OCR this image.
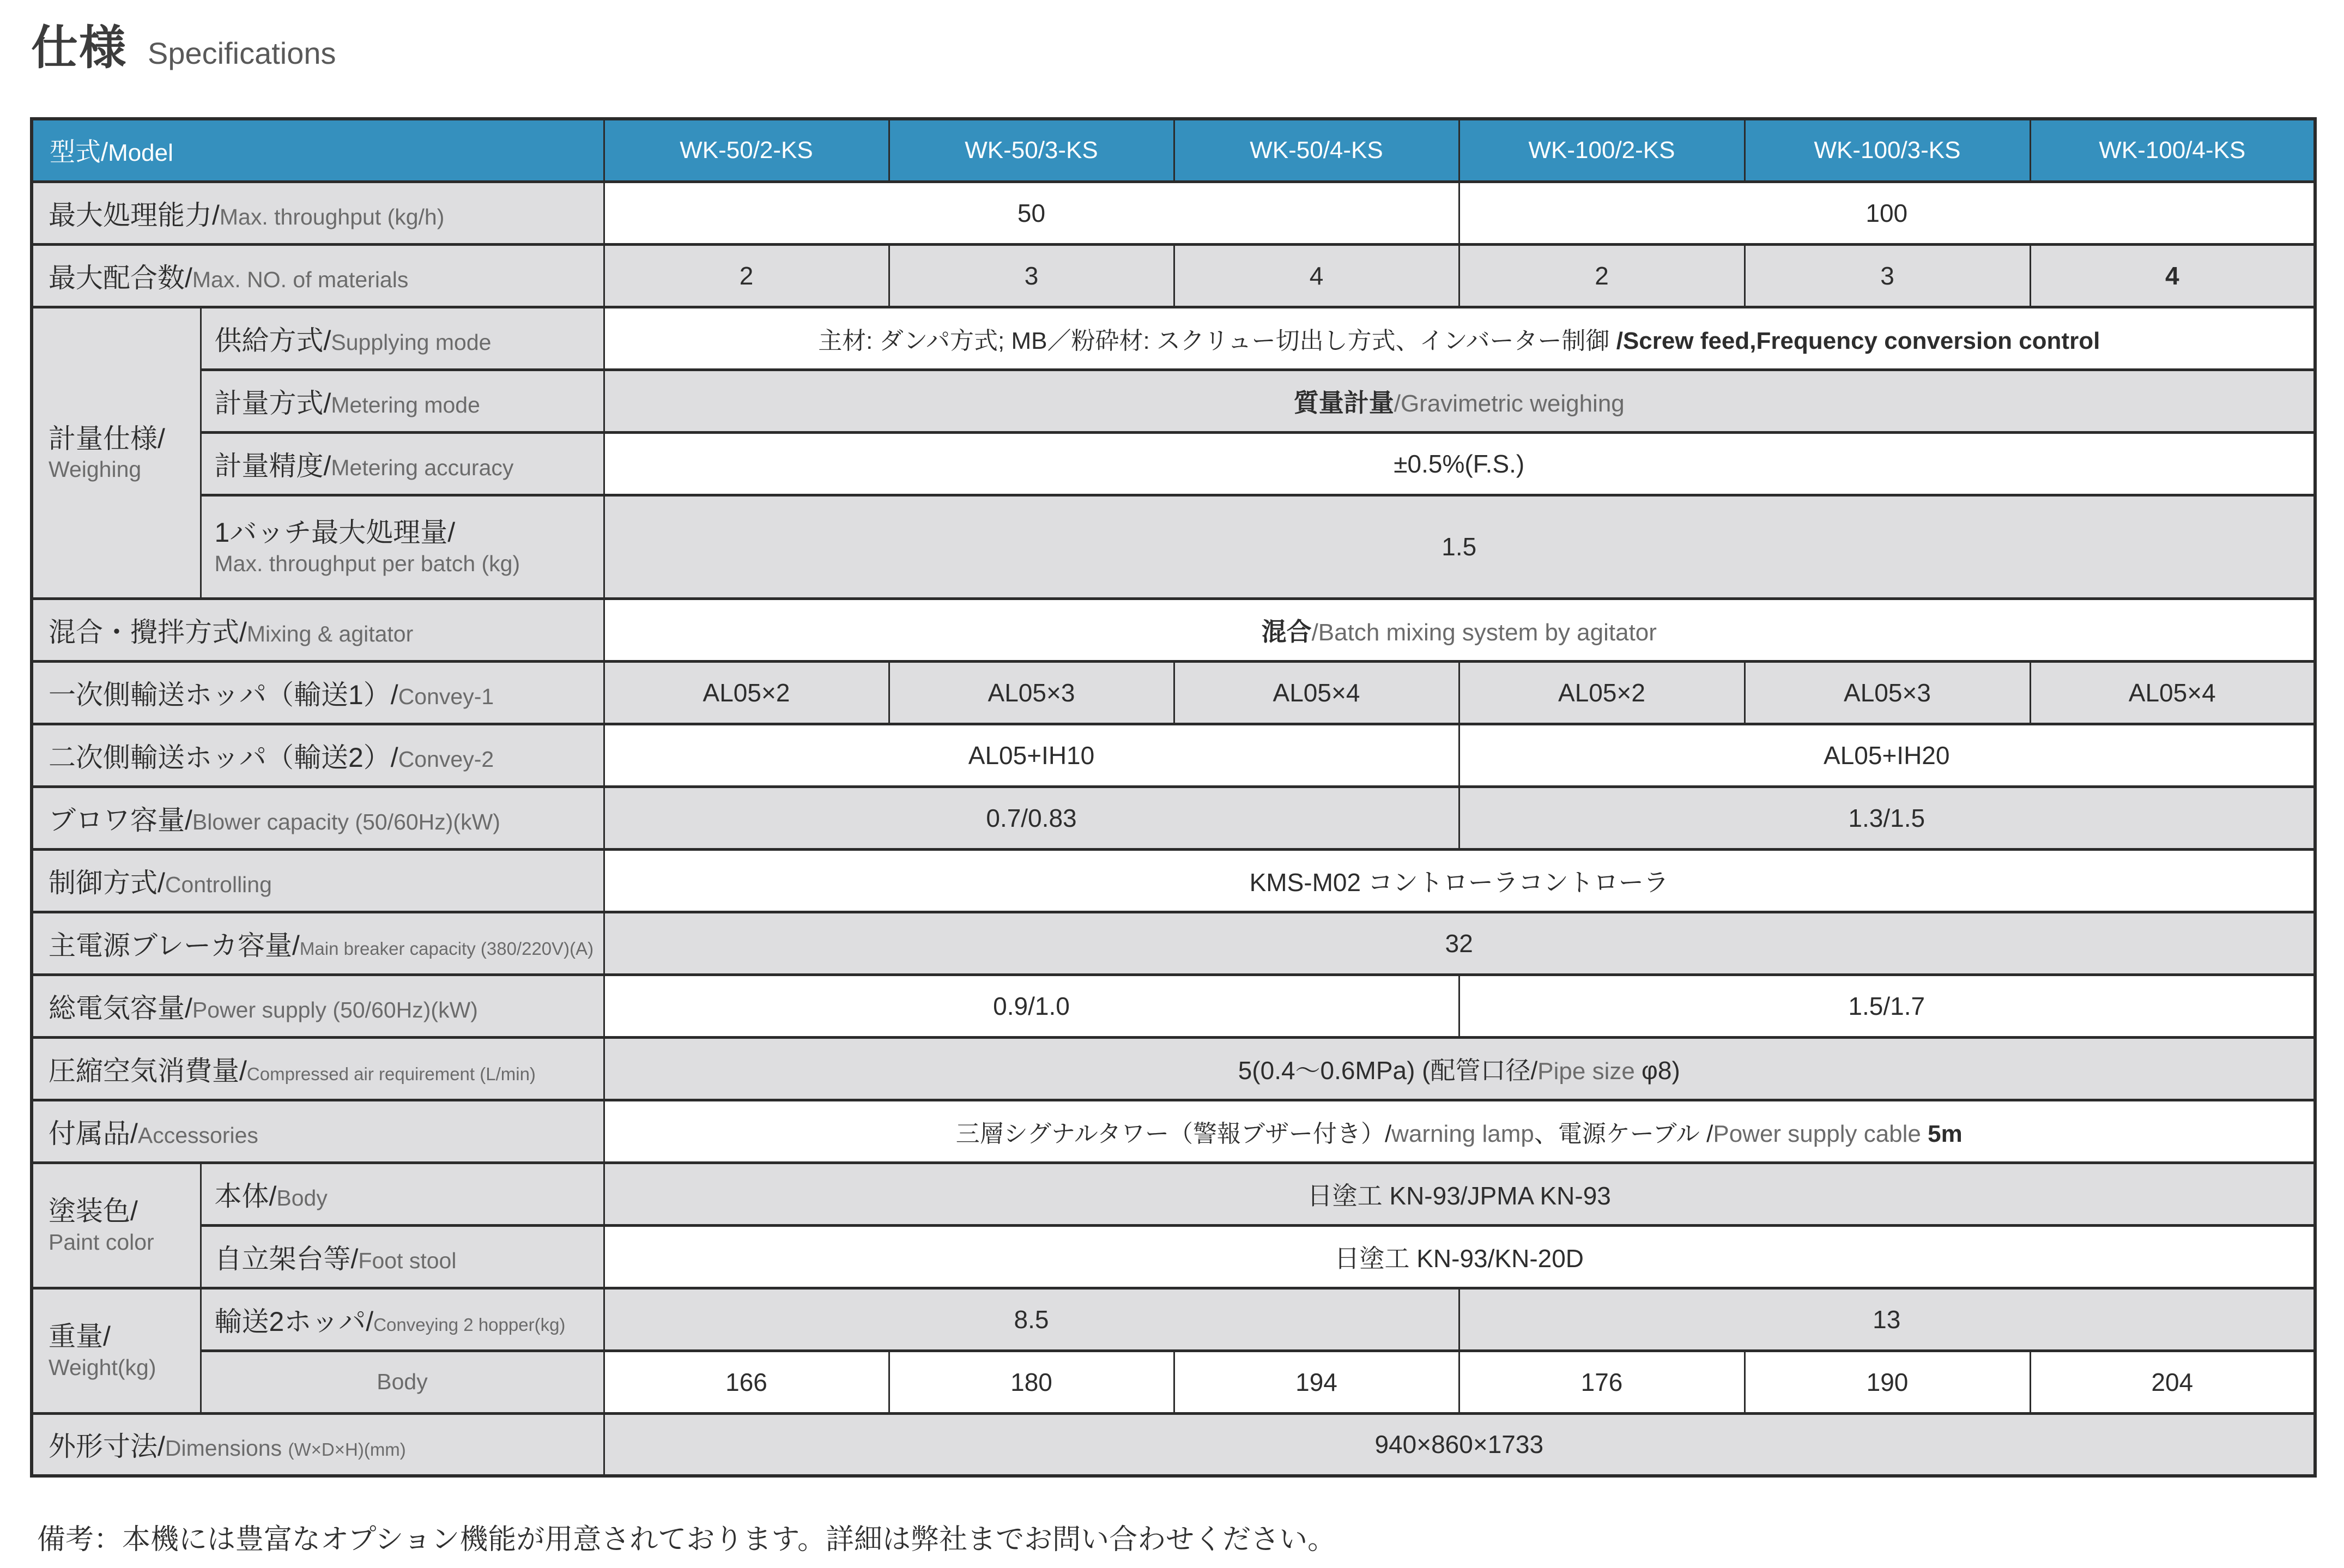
仕様 Specifications
型式/Model		WK-50/2-KS	WK-50/3-KS	WK-50/4-KS	WK-100/2-KS	WK-100/3-KS	WK-100/4-KS
最大処理能力/Max. throughput (kg/h)		50			100		
最大配合数/Max. NO. of materials		2	3	4	2	3	4

計量仕様/
Weighing	供給方式/Supplying mode	主材: ダンパ方式; MB／粉砕材: スクリュー切出し方式、インバーター制御 /Screw feed,Frequency conversion control					
	計量方式/Metering mode	質量計量/Gravimetric weighing					
	計量精度/Metering accuracy	±0.5%(F.S.)					

	1バッチ最大処理量/
Max. throughput per batch (kg)	1.5					
混合・攪拌方式/Mixing & agitator		混合/Batch mixing system by agitator					
一次側輸送ホッパ（輸送1）/Convey-1		AL05×2	AL05×3	AL05×4	AL05×2	AL05×3	AL05×4
二次側輸送ホッパ（輸送2）/Convey-2		AL05+IH10			AL05+IH20		
ブロワ容量/Blower capacity (50/60Hz)(kW)		0.7/0.83			1.3/1.5		
制御方式/Controlling		KMS-M02 コントローラコントローラ					
主電源ブレーカ容量/Main breaker capacity (380/220V)(A)		32					
総電気容量/Power supply (50/60Hz)(kW)		0.9/1.0			1.5/1.7		
圧縮空気消費量/Compressed air requirement (L/min)		5(0.4～0.6MPa) (配管口径/Pipe size φ8)					
付属品/Accessories		三層シグナルタワー（警報ブザー付き）/warning lamp、電源ケーブル /Power supply cable 5m					

塗装色/
Paint color	本体/Body	日塗工 KN-93/JPMA KN-93					
	自立架台等/Foot stool	日塗工 KN-93/KN-20D					

重量/
Weight(kg)	輸送2ホッパ/Conveying 2 hopper(kg)	8.5			13		
	Body	166	180	194	176	190	204
外形寸法/Dimensions (W×D×H)(mm)		940×860×1733					
備考：本機には豊富なオプション機能が用意されております。詳細は弊社までお問い合わせください。
